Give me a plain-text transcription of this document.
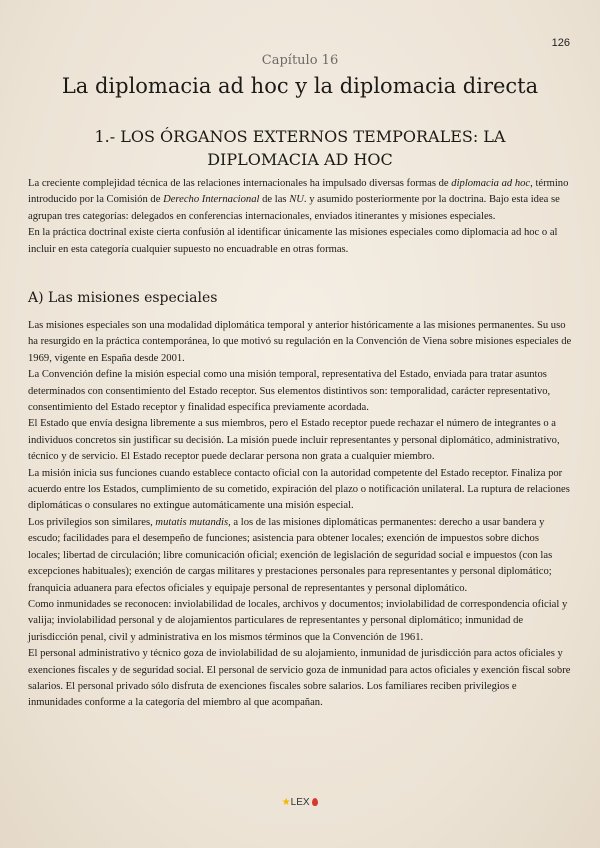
126
Capítulo 16
La diplomacia ad hoc y la diplomacia directa
1.- LOS ÓRGANOS EXTERNOS TEMPORALES: LA DIPLOMACIA AD HOC

La creciente complejidad técnica de las relaciones internacionales ha impulsado diversas formas de diplomacia ad hoc, término introducido por la Comisión de Derecho Internacional de las NU. y asumido posteriormente por la doctrina. Bajo esta idea se agrupan tres categorías: delegados en conferencias internacionales, enviados itinerantes y misiones especiales.

En la práctica doctrinal existe cierta confusión al identificar únicamente las misiones especiales como diplomacia ad hoc o al incluir en esta categoría cualquier supuesto no encuadrable en otras formas.

A) Las misiones especiales

Las misiones especiales son una modalidad diplomática temporal y anterior históricamente a las misiones permanentes. Su uso ha resurgido en la práctica contemporánea, lo que motivó su regulación en la Convención de Viena sobre misiones especiales de 1969, vigente en España desde 2001.

La Convención define la misión especial como una misión temporal, representativa del Estado, enviada para tratar asuntos determinados con consentimiento del Estado receptor. Sus elementos distintivos son: temporalidad, carácter representativo, consentimiento del Estado receptor y finalidad específica previamente acordada.

El Estado que envía designa libremente a sus miembros, pero el Estado receptor puede rechazar el número de integrantes o a individuos concretos sin justificar su decisión. La misión puede incluir representantes y personal diplomático, administrativo, técnico y de servicio. El Estado receptor puede declarar persona non grata a cualquier miembro.

La misión inicia sus funciones cuando establece contacto oficial con la autoridad competente del Estado receptor. Finaliza por acuerdo entre los Estados, cumplimiento de su cometido, expiración del plazo o notificación unilateral. La ruptura de relaciones diplomáticas o consulares no extingue automáticamente una misión especial.

Los privilegios son similares, mutatis mutandis, a los de las misiones diplomáticas permanentes: derecho a usar bandera y escudo; facilidades para el desempeño de funciones; asistencia para obtener locales; exención de impuestos sobre dichos locales; libertad de circulación; libre comunicación oficial; exención de legislación de seguridad social e impuestos (con las excepciones habituales); exención de cargas militares y prestaciones personales para representantes y personal diplomático; franquicia aduanera para efectos oficiales y equipaje personal de representantes y personal diplomático.

Como inmunidades se reconocen: inviolabilidad de locales, archivos y documentos; inviolabilidad de correspondencia oficial y valija; inviolabilidad personal y de alojamientos particulares de representantes y personal diplomático; inmunidad de jurisdicción penal, civil y administrativa en los mismos términos que la Convención de 1961.

El personal administrativo y técnico goza de inviolabilidad de su alojamiento, inmunidad de jurisdicción para actos oficiales y exenciones fiscales y de seguridad social. El personal de servicio goza de inmunidad para actos oficiales y exención fiscal sobre salarios. El personal privado sólo disfruta de exenciones fiscales sobre salarios. Los familiares reciben privilegios e inmunidades conforme a la categoría del miembro al que acompañan.

★LEX
